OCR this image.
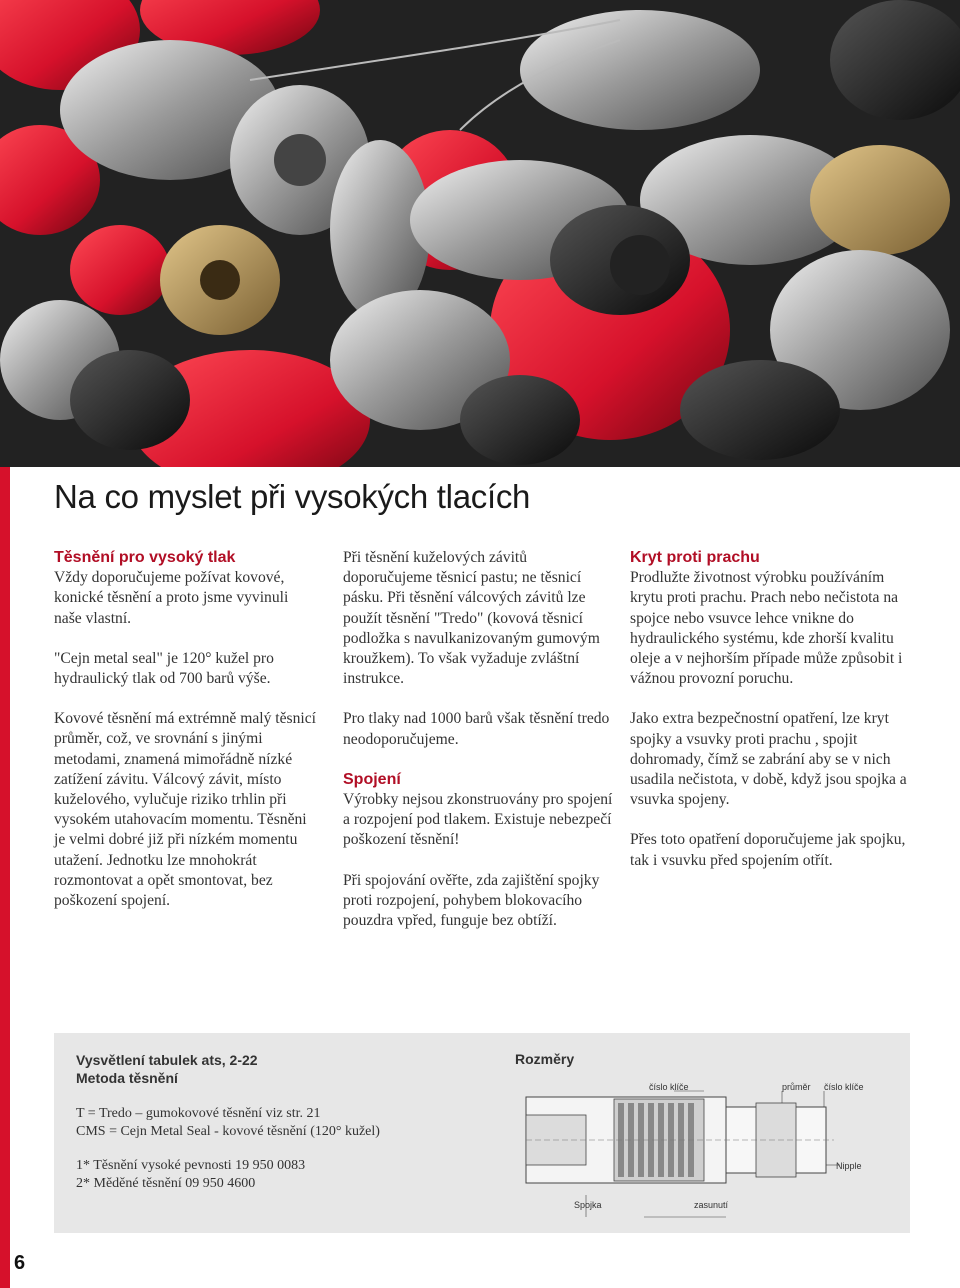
Na co myslet při vysokých tlacích
Těsnění pro vysoký tlak

Vždy doporučujeme požívat kovové, konické těsnění a proto jsme vyvinuli naše vlastní.

"Cejn metal seal" je 120° kužel pro hydraulický tlak od 700 barů výše.

Kovové těsnění má extrémně malý těsnicí průměr, což, ve srovnání s jinými metodami, znamená mimořádně nízké zatížení závitu. Válcový závit, místo kuželového, vylučuje riziko trhlin při vysokém utahovacím momentu. Těsněni je velmi dobré již při nízkém momentu utažení. Jednotku lze mnohokrát rozmontovat a opět smontovat, bez poškození spojení.

Při těsnění kuželových závitů doporučujeme těsnicí pastu; ne těsnicí pásku. Při těsnění válcových závitů lze použít těsnění "Tredo" (kovová těsnicí podložka s navulkanizovaným gumovým kroužkem). To však vyžaduje zvláštní instrukce.

Pro tlaky nad 1000 barů však těsnění tredo neodoporučujeme.

Spojení

Výrobky nejsou zkonstruovány pro spojení a rozpojení pod tlakem. Existuje nebezpečí poškození těsnění!

Při spojování ověřte, zda zajištění spojky proti rozpojení, pohybem blokovacího pouzdra vpřed, funguje bez obtíží.

Kryt proti prachu

Prodlužte životnost výrobku používáním krytu proti prachu. Prach nebo nečistota na spojce nebo vsuvce lehce vnikne do hydraulického systému, kde zhorší kvalitu oleje a v nejhorším případe může způsobit i vážnou provozní poruchu.

Jako extra bezpečnostní opatření, lze kryt spojky a vsuvky proti prachu , spojit dohromady, čímž se zabrání aby se v nich usadila nečistota, v době, když jsou spojka a vsuvka spojeny.

Přes toto opatření doporučujeme jak spojku, tak i vsuvku před spojením otřít.

Vysvětlení tabulek ats, 2-22
Metoda těsnění
T = Tredo – gumokovové těsnění viz str. 21
CMS = Cejn Metal Seal - kovové těsnění (120° kužel)
1* Těsnění vysoké pevnosti 19 950 0083
2* Měděné těsnění 09 950 4600
Rozměry
číslo klíče	průměr číslo klíče
Nipple
Spojka	zasunutí
6
